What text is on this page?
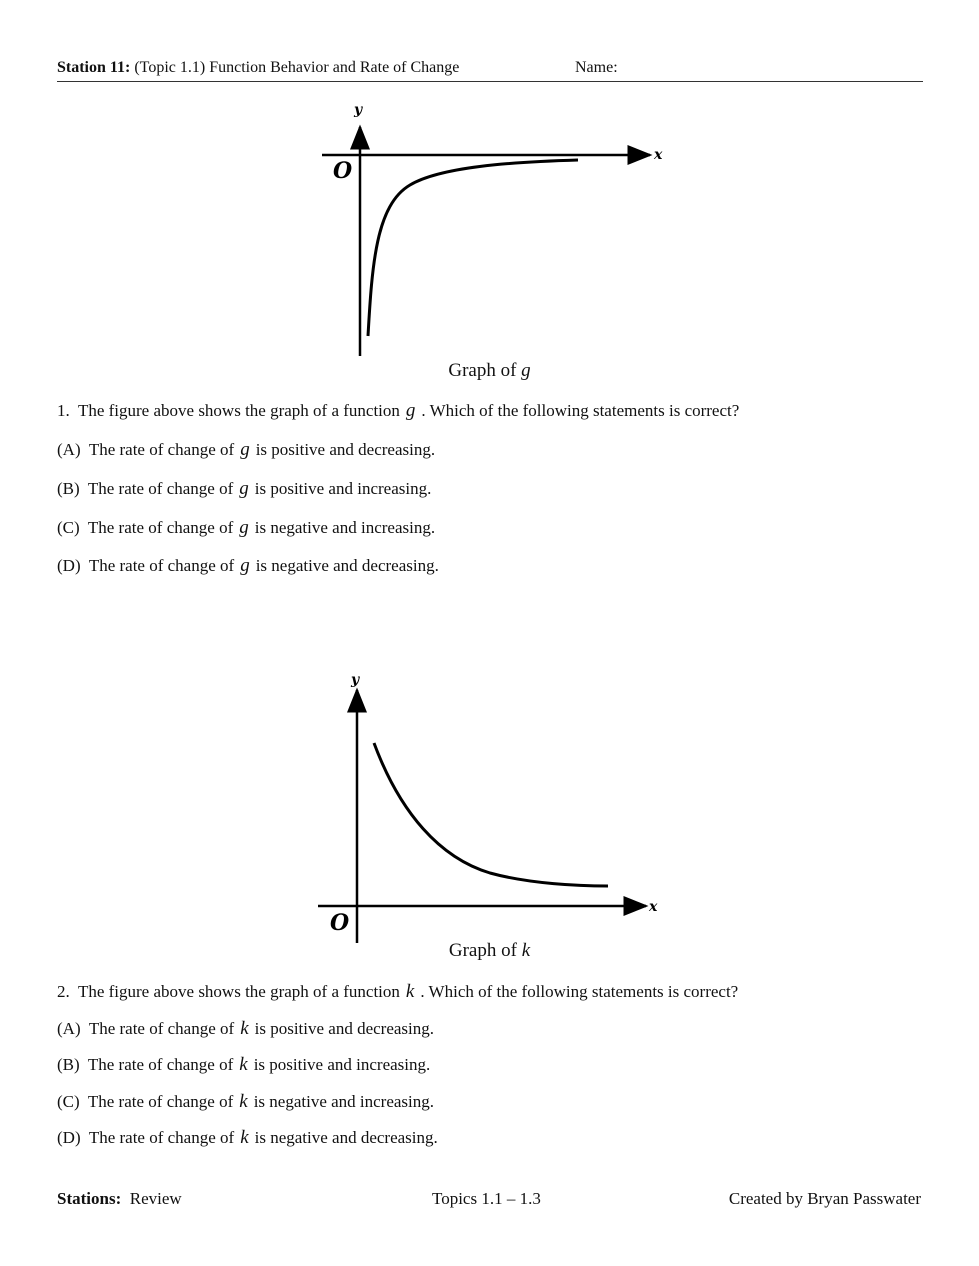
Station 11: (Topic 1.1) Function Behavior and Rate of Change	Name:
x
y
O
Graph of g
1. The figure above shows the graph of a function g . Which of the following statements is correct?
(A) The rate of change of g is positive and decreasing.
(B) The rate of change of g is positive and increasing.
(C) The rate of change of g is negative and increasing.
(D) The rate of change of g is negative and decreasing.
x
y
O
Graph of k
2. The figure above shows the graph of a function k . Which of the following statements is correct?
(A) The rate of change of k is positive and decreasing.
(B) The rate of change of k is positive and increasing.
(C) The rate of change of k is negative and increasing.
(D) The rate of change of k is negative and decreasing.
Stations: Review	Topics 1.1 – 1.3	Created by Bryan Passwater
